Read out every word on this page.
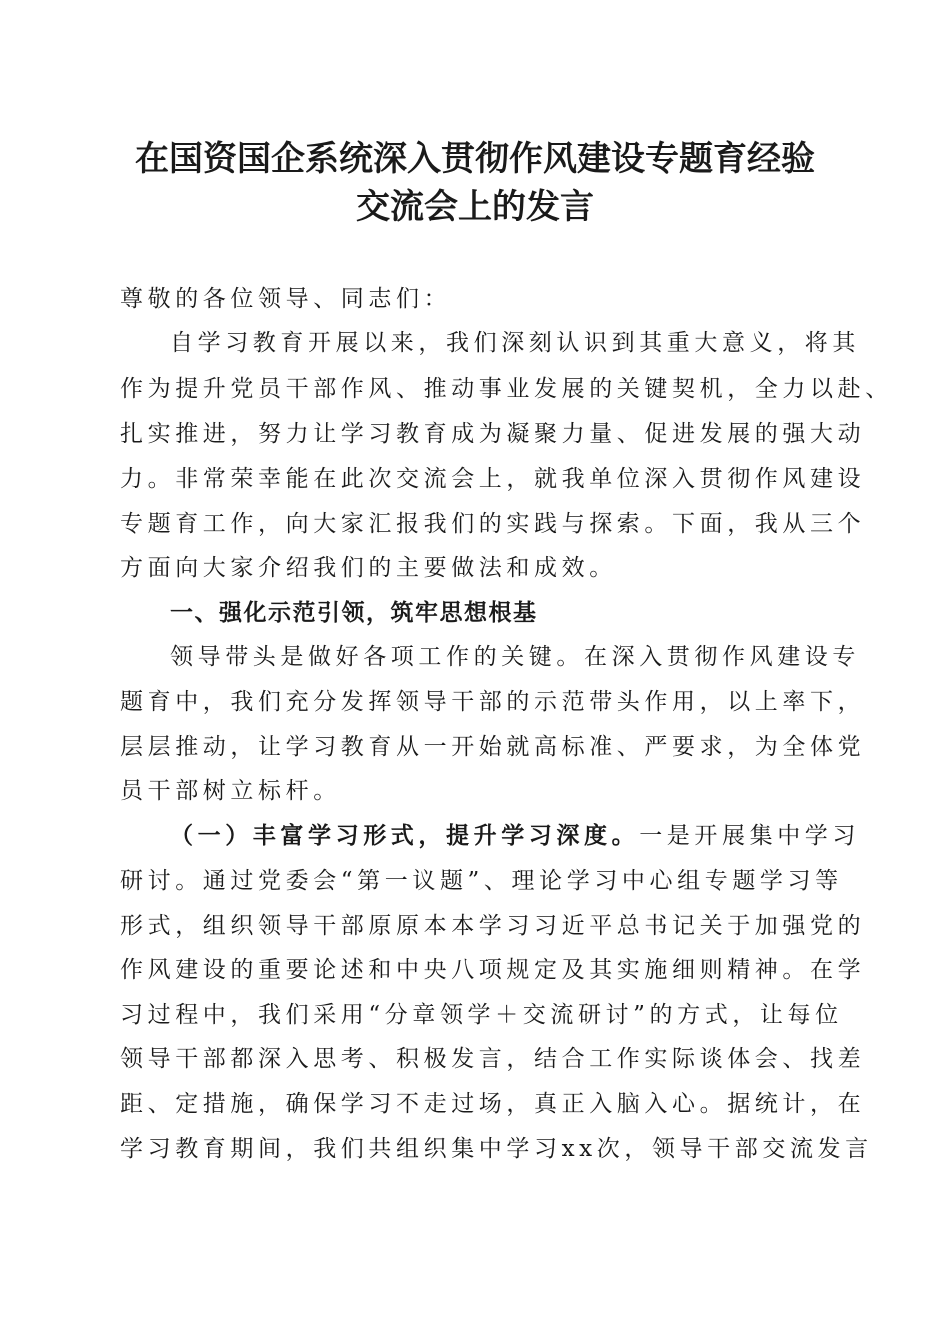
在国资国企系统深入贯彻作风建设专题育经验
交流会上的发言
尊敬的各位领导、同志们：
自学习教育开展以来，我们深刻认识到其重大意义，将其
作为提升党员干部作风、推动事业发展的关键契机，全力以赴、
扎实推进，努力让学习教育成为凝聚力量、促进发展的强大动
力。非常荣幸能在此次交流会上，就我单位深入贯彻作风建设
专题育工作，向大家汇报我们的实践与探索。下面，我从三个
方面向大家介绍我们的主要做法和成效。
一、强化示范引领，筑牢思想根基
领导带头是做好各项工作的关键。在深入贯彻作风建设专
题育中，我们充分发挥领导干部的示范带头作用，以上率下，
层层推动，让学习教育从一开始就高标准、严要求，为全体党
员干部树立标杆。
（一）丰富学习形式，提升学习深度。一是开展集中学习
研讨。通过党委会“第一议题”、理论学习中心组专题学习等
形式，组织领导干部原原本本学习习近平总书记关于加强党的
作风建设的重要论述和中央八项规定及其实施细则精神。在学
习过程中，我们采用“分章领学＋交流研讨”的方式，让每位
领导干部都深入思考、积极发言，结合工作实际谈体会、找差
距、定措施，确保学习不走过场，真正入脑入心。据统计，在
学习教育期间，我们共组织集中学习xx次，领导干部交流发言
